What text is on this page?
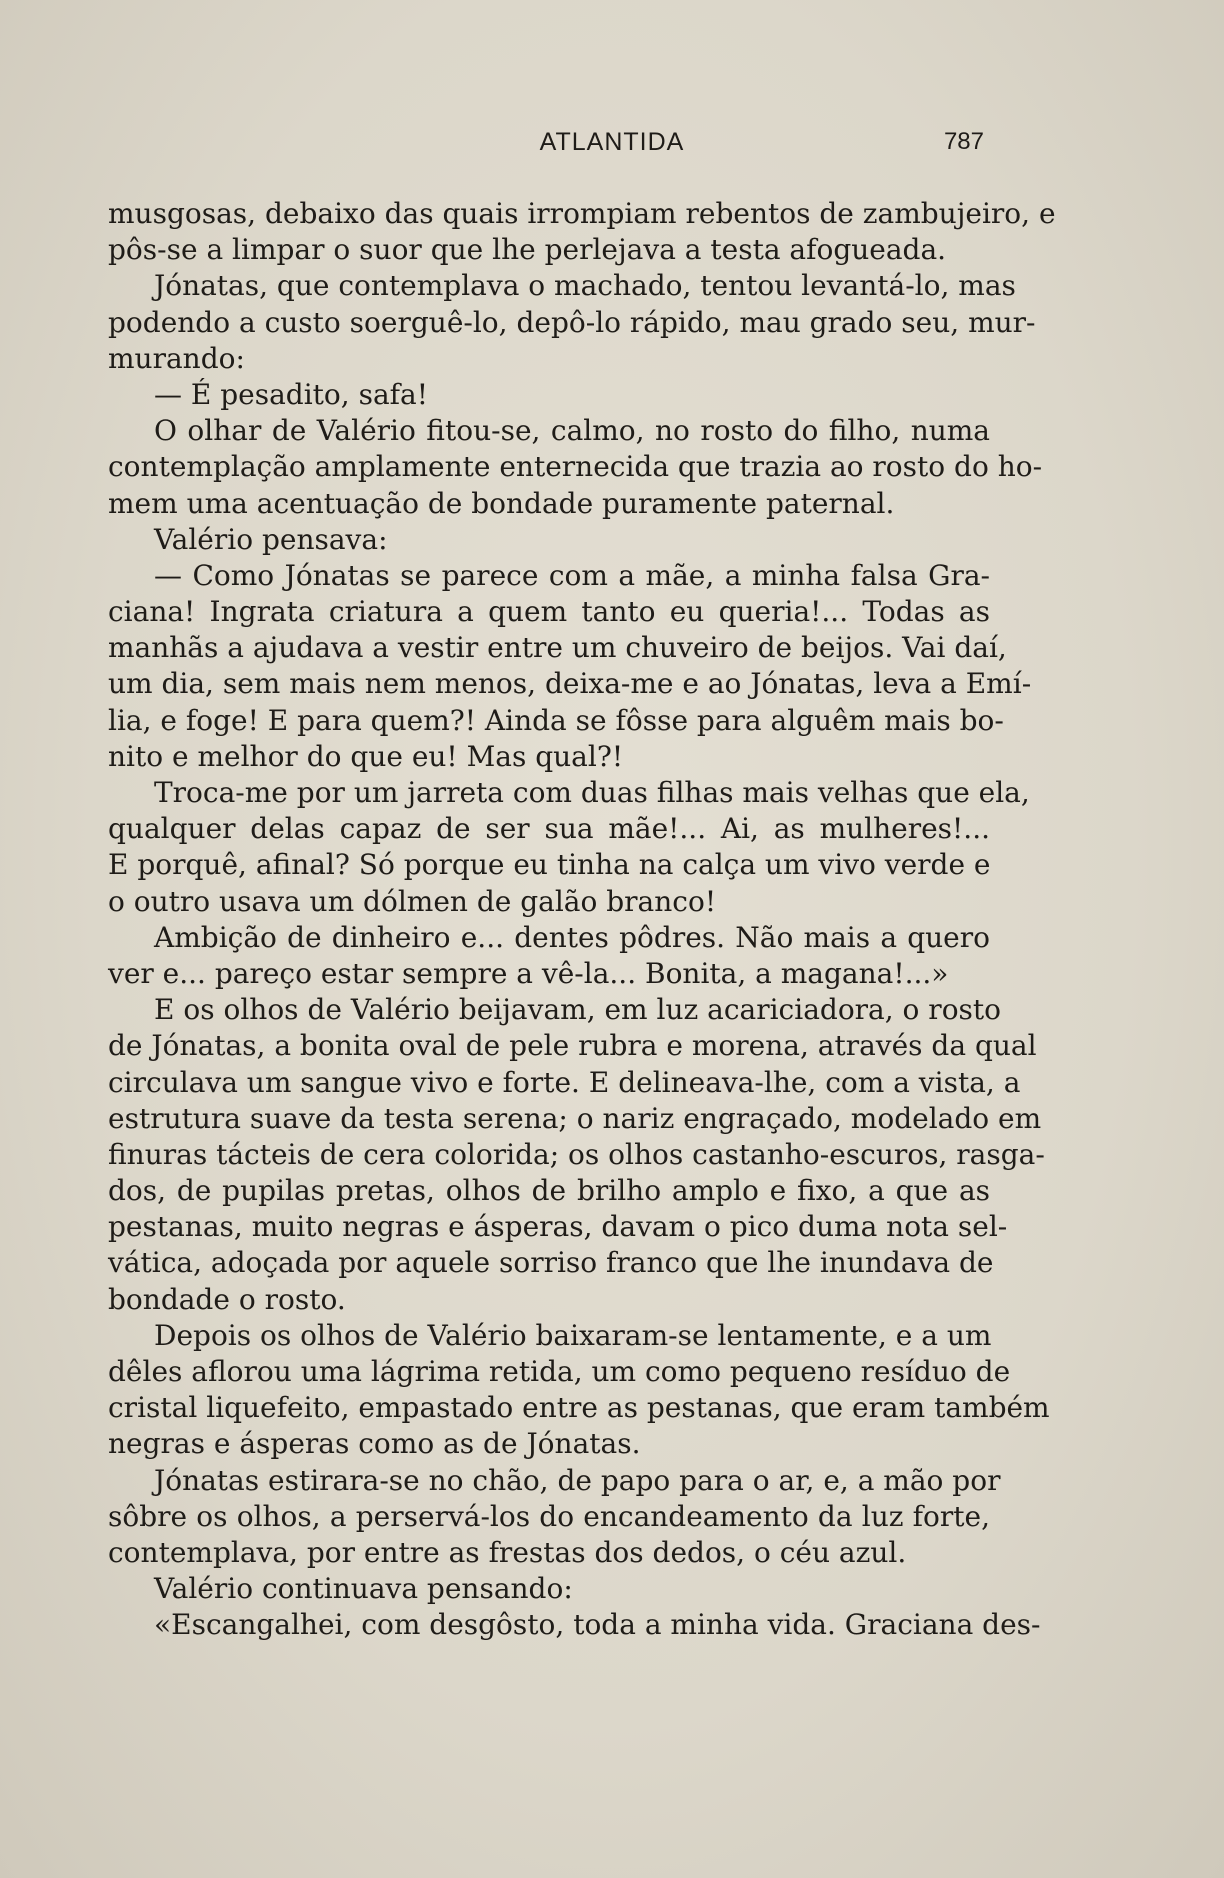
ATLANTIDA	787
musgosas, debaixo das quais irrompiam rebentos de zambujeiro, e
pôs-se a limpar o suor que lhe perlejava a testa afogueada.
Jónatas, que contemplava o machado, tentou levantá-lo, mas
podendo a custo soerguê-lo, depô-lo rápido, mau grado seu, mur-
murando:
— É pesadito, safa!
O olhar de Valério fitou-se, calmo, no rosto do filho, numa
contemplação amplamente enternecida que trazia ao rosto do ho-
mem uma acentuação de bondade puramente paternal.
Valério pensava:
— Como Jónatas se parece com a mãe, a minha falsa Gra-
ciana! Ingrata criatura a quem tanto eu queria!... Todas as
manhãs a ajudava a vestir entre um chuveiro de beijos. Vai daí,
um dia, sem mais nem menos, deixa-me e ao Jónatas, leva a Emí-
lia, e foge! E para quem?! Ainda se fôsse para alguêm mais bo-
nito e melhor do que eu! Mas qual?!
Troca-me por um jarreta com duas filhas mais velhas que ela,
qualquer delas capaz de ser sua mãe!... Ai, as mulheres!...
E porquê, afinal? Só porque eu tinha na calça um vivo verde e
o outro usava um dólmen de galão branco!
Ambição de dinheiro e... dentes pôdres. Não mais a quero
ver e... pareço estar sempre a vê-la... Bonita, a magana!...»
E os olhos de Valério beijavam, em luz acariciadora, o rosto
de Jónatas, a bonita oval de pele rubra e morena, através da qual
circulava um sangue vivo e forte. E delineava-lhe, com a vista, a
estrutura suave da testa serena; o nariz engraçado, modelado em
finuras tácteis de cera colorida; os olhos castanho-escuros, rasga-
dos, de pupilas pretas, olhos de brilho amplo e fixo, a que as
pestanas, muito negras e ásperas, davam o pico duma nota sel-
vática, adoçada por aquele sorriso franco que lhe inundava de
bondade o rosto.
Depois os olhos de Valério baixaram-se lentamente, e a um
dêles aflorou uma lágrima retida, um como pequeno resíduo de
cristal liquefeito, empastado entre as pestanas, que eram também
negras e ásperas como as de Jónatas.
Jónatas estirara-se no chão, de papo para o ar, e, a mão por
sôbre os olhos, a perservá-los do encandeamento da luz forte,
contemplava, por entre as frestas dos dedos, o céu azul.
Valério continuava pensando:
«Escangalhei, com desgôsto, toda a minha vida. Graciana des-
